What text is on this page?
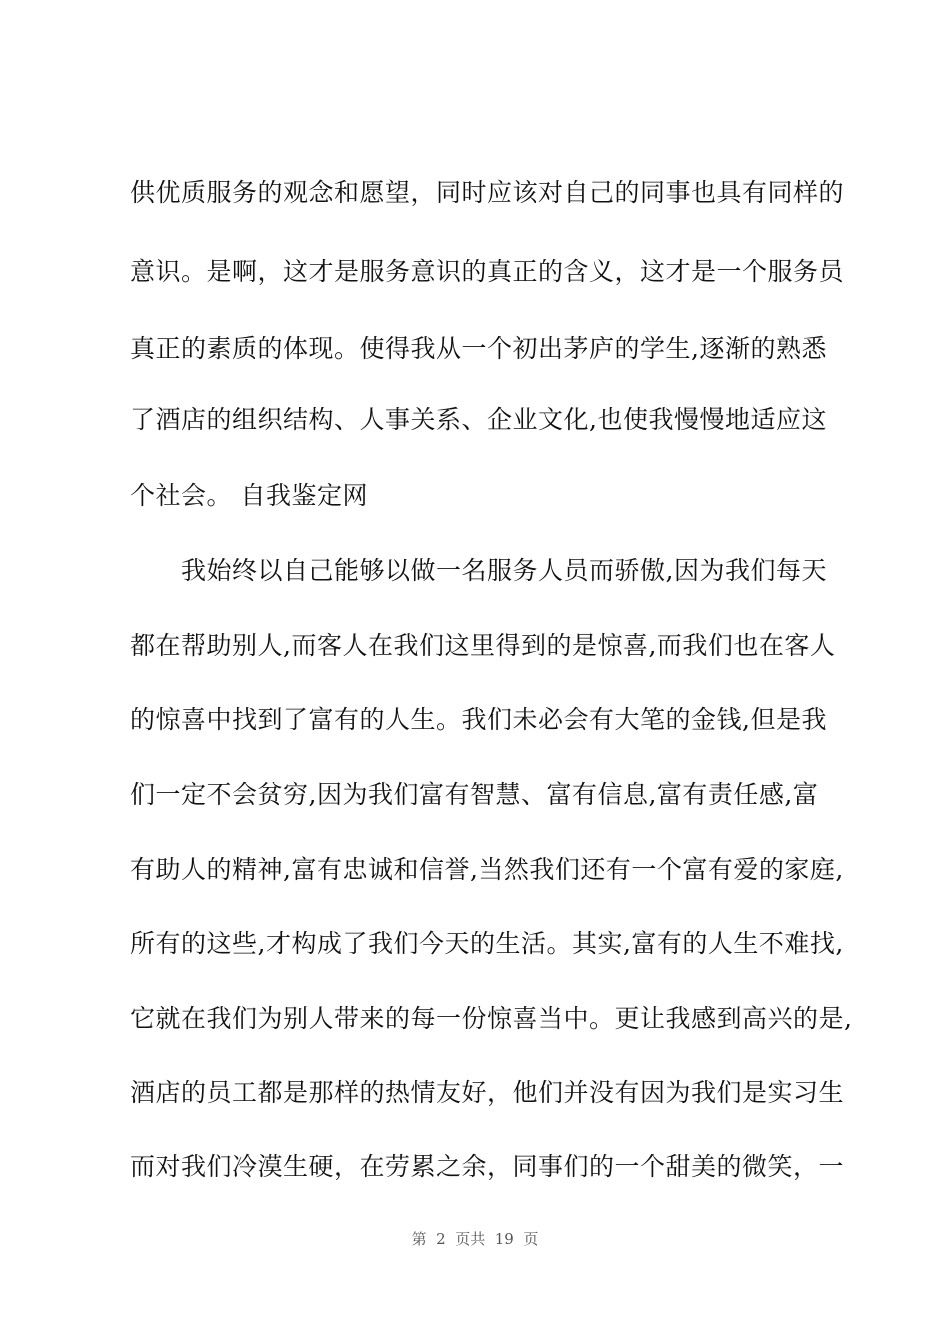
供优质服务的观念和愿望，同时应该对自己的同事也具有同样的
意识。是啊，这才是服务意识的真正的含义，这才是一个服务员
真正的素质的体现。使得我从一个初出茅庐的学生,逐渐的熟悉
了酒店的组织结构、人事关系、企业文化,也使我慢慢地适应这
个社会。 自我鉴定网
　　我始终以自己能够以做一名服务人员而骄傲,因为我们每天
都在帮助别人,而客人在我们这里得到的是惊喜,而我们也在客人
的惊喜中找到了富有的人生。我们未必会有大笔的金钱,但是我
们一定不会贫穷,因为我们富有智慧、富有信息,富有责任感,富
有助人的精神,富有忠诚和信誉,当然我们还有一个富有爱的家庭,
所有的这些,才构成了我们今天的生活。其实,富有的人生不难找,
它就在我们为别人带来的每一份惊喜当中。更让我感到高兴的是,
酒店的员工都是那样的热情友好，他们并没有因为我们是实习生
而对我们冷漠生硬，在劳累之余，同事们的一个甜美的微笑，一
第  2  页共  19  页
